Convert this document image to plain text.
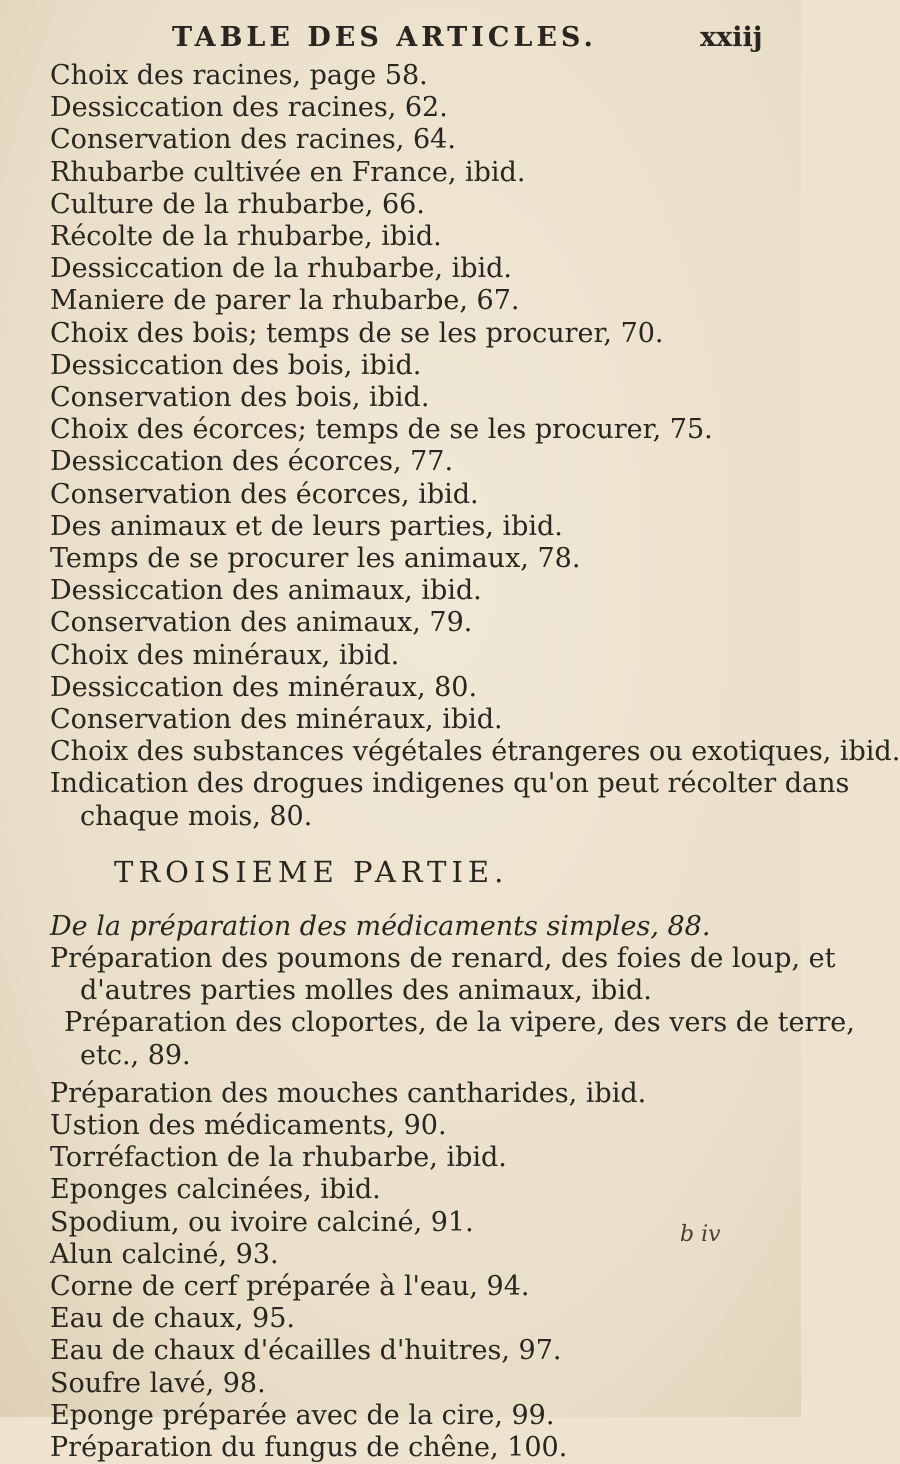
TABLE DES ARTICLES.	xxiij
Choix des racines, page 58.
Dessiccation des racines, 62.
Conservation des racines, 64.
Rhubarbe cultivée en France, ibid.
Culture de la rhubarbe, 66.
Récolte de la rhubarbe, ibid.
Dessiccation de la rhubarbe, ibid.
Maniere de parer la rhubarbe, 67.
Choix des bois; temps de se les procurer, 70.
Dessiccation des bois, ibid.
Conservation des bois, ibid.
Choix des écorces; temps de se les procurer, 75.
Dessiccation des écorces, 77.
Conservation des écorces, ibid.
Des animaux et de leurs parties, ibid.
Temps de se procurer les animaux, 78.
Dessiccation des animaux, ibid.
Conservation des animaux, 79.
Choix des minéraux, ibid.
Dessiccation des minéraux, 80.
Conservation des minéraux, ibid.
Choix des substances végétales étrangeres ou exotiques, ibid.
Indication des drogues indigenes qu'on peut récolter dans
chaque mois, 80.
TROISIEME PARTIE.
De la préparation des médicaments simples, 88.
Préparation des poumons de renard, des foies de loup, et
d'autres parties molles des animaux, ibid.
Préparation des cloportes, de la vipere, des vers de terre,
etc., 89.
Préparation des mouches cantharides, ibid.
Ustion des médicaments, 90.
Torréfaction de la rhubarbe, ibid.
Eponges calcinées, ibid.
Spodium, ou ivoire calciné, 91.
Alun calciné, 93.
Corne de cerf préparée à l'eau, 94.
Eau de chaux, 95.
Eau de chaux d'écailles d'huitres, 97.
Soufre lavé, 98.
Eponge préparée avec de la cire, 99.
Préparation du fungus de chêne, 100.
b iv
